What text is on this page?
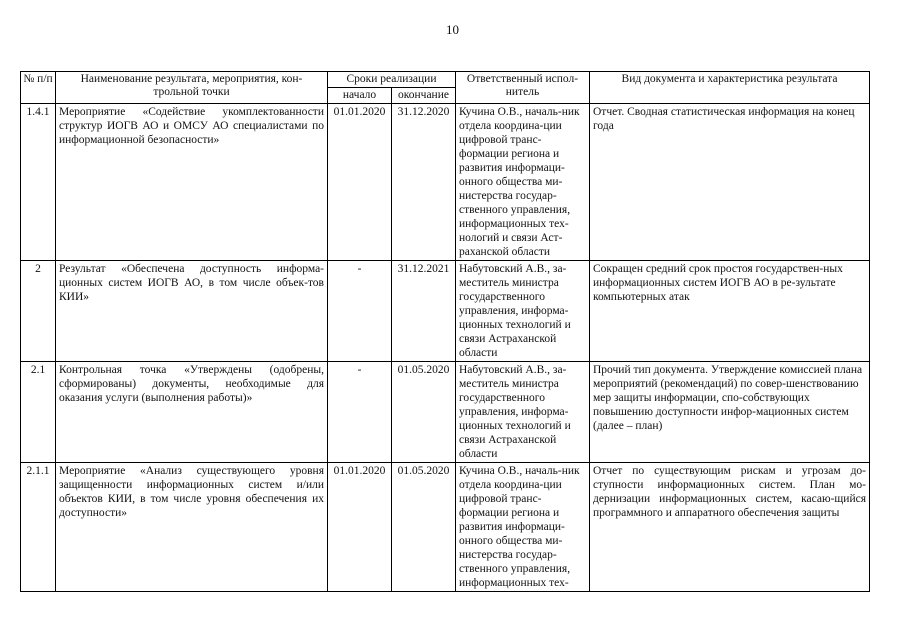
10
№ п/п	Наименование результата, мероприятия, кон-трольной точки	Сроки реализации		Ответственный испол-нитель	Вид документа и характеристика результата
		начало	окончание		
1.4.1	Мероприятие «Содействие укомплектованности структур ИОГВ АО и ОМСУ АО специалистами по информационной безопасности»	01.01.2020	31.12.2020	Кучина О.В., началь-ник отдела координа-ции цифровой транс-формации региона и развития информаци-онного общества ми-нистерства государ-ственного управления, информационных тех-нологий и связи Аст-раханской области	Отчет. Сводная статистическая информация на конец года
2	Результат «Обеспечена доступность информа-ционных систем ИОГВ АО, в том числе объек-тов КИИ»	-	31.12.2021	Набутовский А.В., за-меститель министра государственного управления, информа-ционных технологий и связи Астраханской области	Сокращен средний срок простоя государствен-ных информационных систем ИОГВ АО в ре-зультате компьютерных атак
2.1	Контрольная точка «Утверждены (одобрены, сформированы) документы, необходимые для оказания услуги (выполнения работы)»	-	01.05.2020	Набутовский А.В., за-меститель министра государственного управления, информа-ционных технологий и связи Астраханской области	Прочий тип документа. Утверждение комиссией плана мероприятий (рекомендаций) по совер-шенствованию мер защиты информации, спо-собствующих повышению доступности инфор-мационных систем (далее – план)
2.1.1	Мероприятие «Анализ существующего уровня защищенности информационных систем и/или объектов КИИ, в том числе уровня обеспечения их доступности»	01.01.2020	01.05.2020	Кучина О.В., началь-ник отдела координа-ции цифровой транс-формации региона и развития информаци-онного общества ми-нистерства государ-ственного управления, информационных тех-	Отчет по существующим рискам и угрозам до-ступности информационных систем. План мо-дернизации информационных систем, касаю-щийся программного и аппаратного обеспечения защиты
